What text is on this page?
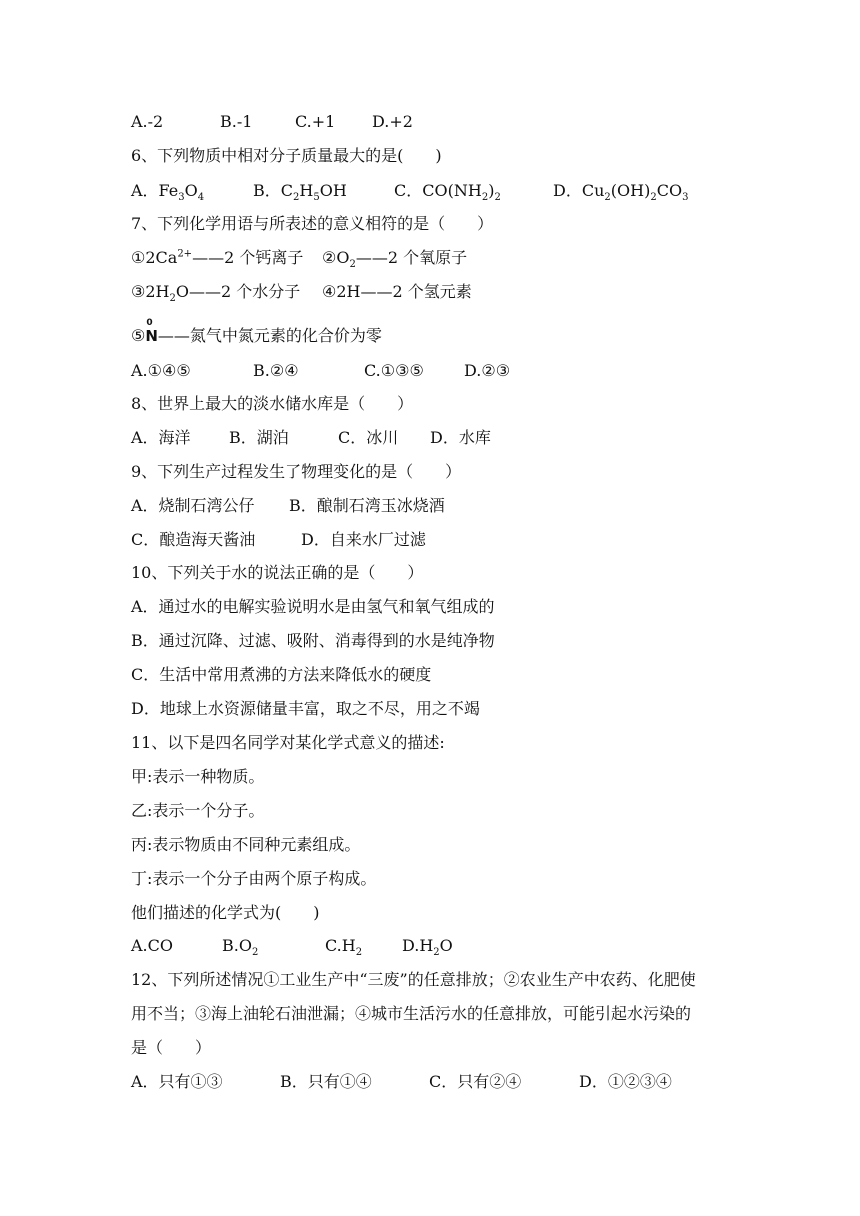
A.-2	B.-1	C.+1 D.+2
6、下列物质中相对分子质量最大的是(　　)
A．$Fe_3O_4$	B．$C_2H_5OH$	C．$CO(NH_2)_2$	D．$Cu_2(OH)_2CO_3$
7、下列化学用语与所表述的意义相符的是（　　）
$①2Ca^{2+}——2$ 个钙离子 $②O_2——2$ 个氧原子
$③2H_2O——2$ 个水分子 ④2H——2 个氢元素
⑤
0
N——氮气中氮元素的化合价为零
A.①④⑤	B.②④	C.①③⑤	D.②③
8、世界上最大的淡水储水库是（　　）
A．海洋 B．湖泊	C．冰川 D．水库
9、下列生产过程发生了物理变化的是（　　）
A．烧制石湾公仔 B．酿制石湾玉冰烧酒
C．酿造海天酱油	D．自来水厂过滤
10、下列关于水的说法正确的是（　　）
A．通过水的电解实验说明水是由氢气和氧气组成的
B．通过沉降、过滤、吸附、消毒得到的水是纯净物
C．生活中常用煮沸的方法来降低水的硬度
D．地球上水资源储量丰富，取之不尽，用之不竭
11、以下是四名同学对某化学式意义的描述:
甲:表示一种物质。
乙:表示一个分子。
丙:表示物质由不同种元素组成。
丁:表示一个分子由两个原子构成。
他们描述的化学式为(　　)
A.CO	$B.O_2$	$C.H_2$ $D.H_2O$
12、下列所述情况①工业生产中“三废”的任意排放；②农业生产中农药、化肥使
用不当；③海上油轮石油泄漏；④城市生活污水的任意排放，可能引起水污染的
是（　　）
A．只有①③	B．只有①④	C．只有②④	D．①②③④
